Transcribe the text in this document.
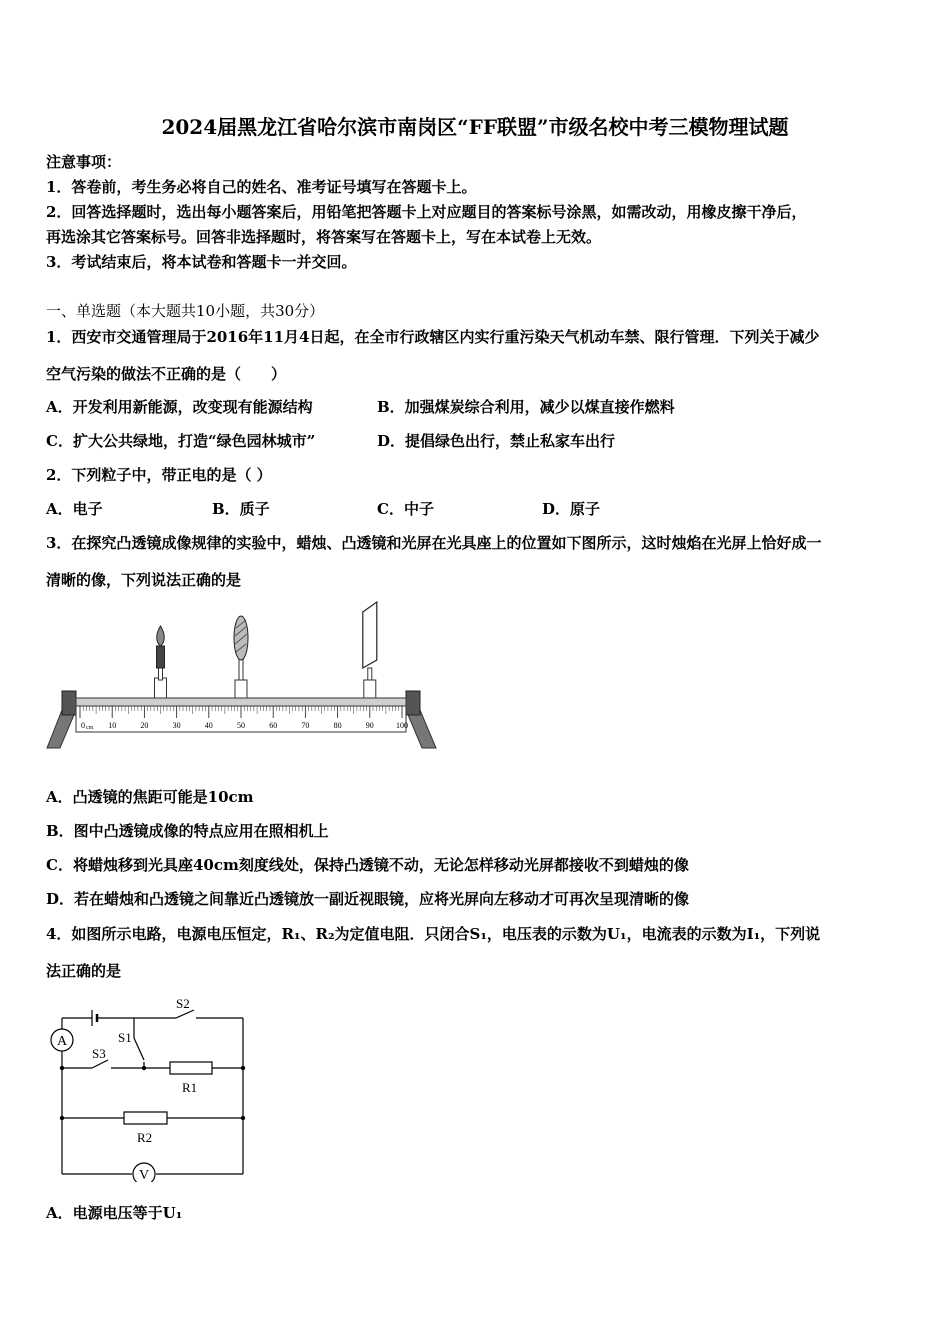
2024届黑龙江省哈尔滨市南岗区“FF联盟”市级名校中考三模物理试题
注意事项：
1．答卷前，考生务必将自己的姓名、准考证号填写在答题卡上。
2．回答选择题时，选出每小题答案后，用铅笔把答题卡上对应题目的答案标号涂黑，如需改动，用橡皮擦干净后，
再选涂其它答案标号。回答非选择题时，将答案写在答题卡上，写在本试卷上无效。
3．考试结束后，将本试卷和答题卡一并交回。
一、单选题（本大题共10小题，共30分）
1．西安市交通管理局于2016年11月4日起，在全市行政辖区内实行重污染天气机动车禁、限行管理．下列关于减少
空气污染的做法不正确的是（　　）
A．开发利用新能源，改变现有能源结构	B．加强煤炭综合利用，减少以煤直接作燃料
C．扩大公共绿地，打造“绿色园林城市”	D．提倡绿色出行，禁止私家车出行
2．下列粒子中，带正电的是（ ）
A．电子	B．质子	C．中子	D．原子
3．在探究凸透镜成像规律的实验中，蜡烛、凸透镜和光屏在光具座上的位置如下图所示，这时烛焰在光屏上恰好成一
清晰的像，下列说法正确的是
0	10	20	30	40	50	60	70	80	90	100
cm
A．凸透镜的焦距可能是10cm
B．图中凸透镜成像的特点应用在照相机上
C．将蜡烛移到光具座40cm刻度线处，保持凸透镜不动，无论怎样移动光屏都接收不到蜡烛的像
D．若在蜡烛和凸透镜之间靠近凸透镜放一副近视眼镜，应将光屏向左移动才可再次呈现清晰的像
4．如图所示电路，电源电压恒定，R₁、R₂为定值电阻．只闭合S₁，电压表的示数为U₁，电流表的示数为I₁，下列说
法正确的是
A
V
S2
S1
S3
R1
R2
A．电源电压等于U₁
